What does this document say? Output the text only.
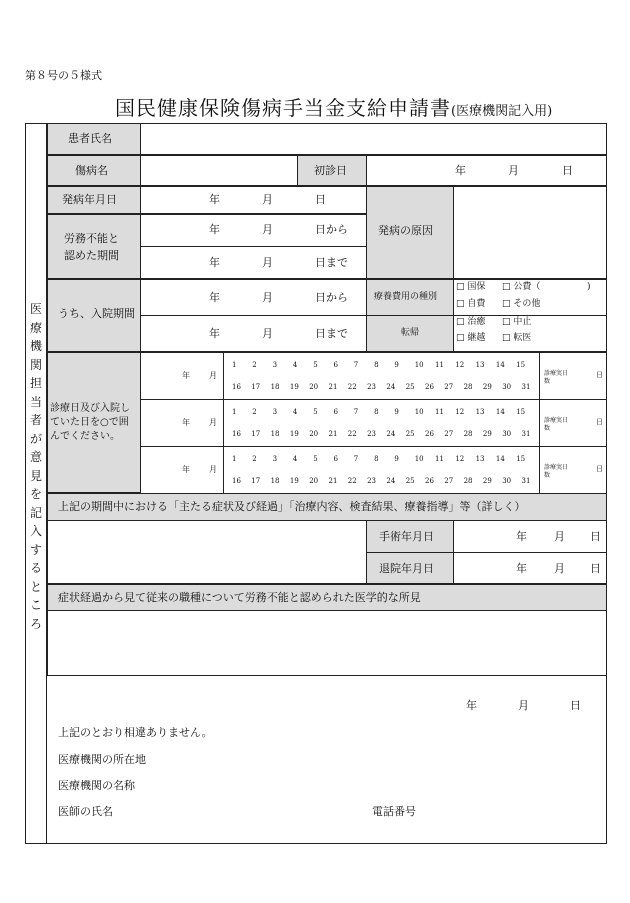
第８号の５様式
国民健康保険傷病手当金支給申請書(医療機関記入用)
医療機関担当者が意見を記入するところ
患者氏名
傷病名	初診日	年	月	日
発病年月日	年	月	日
発病の原因
労務不能と
認めた期間
年	月	日から
年	月	日まで
うち、入院期間
年	月	日から
年	月	日まで
療養費用の種別
□ 国保 □ 公費（	)
□ 自費 □ その他
転帰
□ 治癒 □ 中止
□ 継越 □ 転医
診療日及び入院し
ていた日を○で囲
んでください。
年 月	診療実日数
日
1 2 3 4 5 6 7 8 9 10 11 12 13 14 15
16 17 18 19 20 21 22 23 24 25 26 27 28 29 30 31
年 月	診療実日数
日
1 2 3 4 5 6 7 8 9 10 11 12 13 14 15
16 17 18 19 20 21 22 23 24 25 26 27 28 29 30 31
年 月	診療実日数
日
1 2 3 4 5 6 7 8 9 10 11 12 13 14 15
16 17 18 19 20 21 22 23 24 25 26 27 28 29 30 31
上記の期間中における「主たる症状及び経過」「治療内容、検査結果、療養指導」等（詳しく）
手術年月日	年 月 日
退院年月日	年 月 日
症状経過から見て従来の職種について労務不能と認められた医学的な所見
年	月	日
上記のとおり相違ありません。
医療機関の所在地
医療機関の名称
医師の氏名	電話番号
